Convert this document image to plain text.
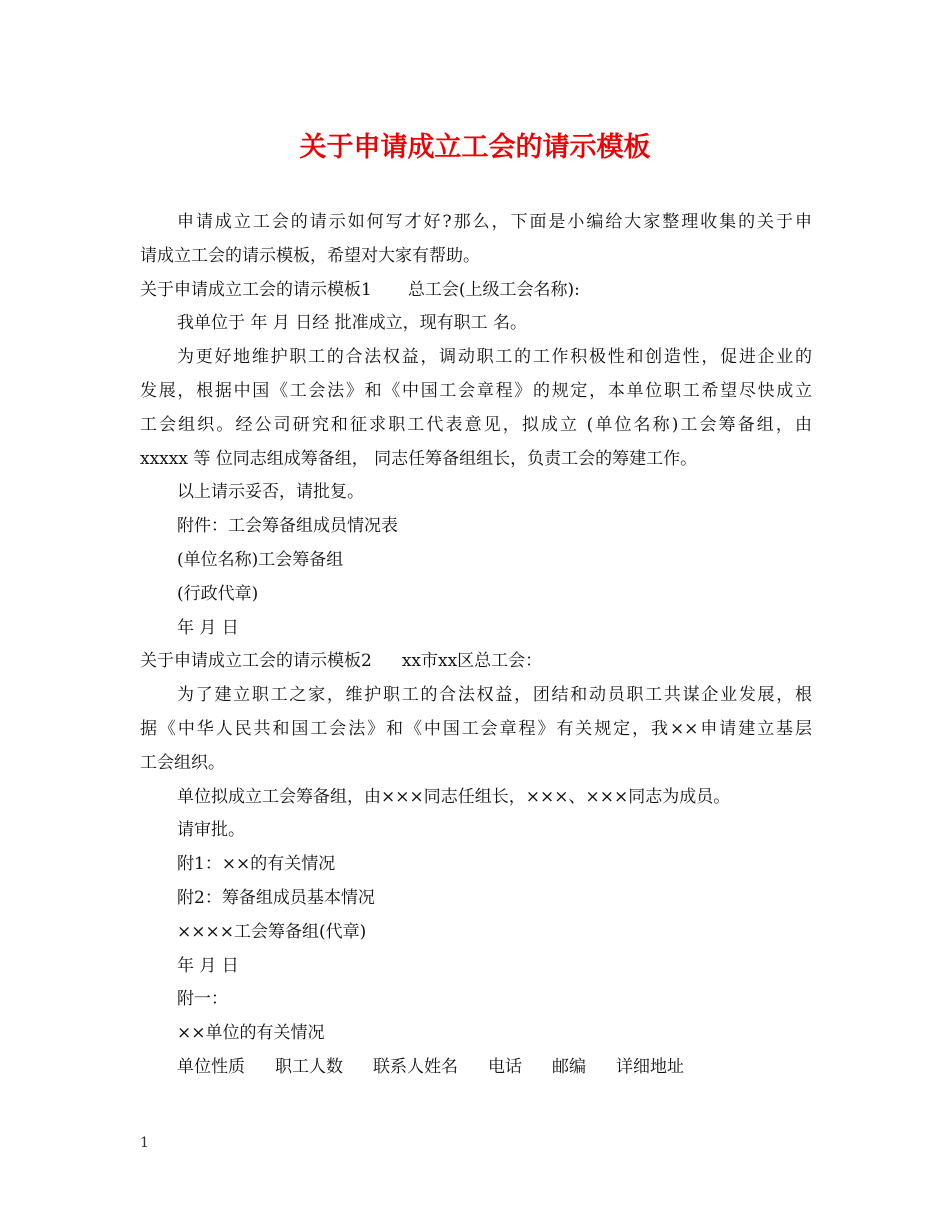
关于申请成立工会的请示模板
申请成立工会的请示如何写才好?那么，下面是小编给大家整理收集的关于申
请成立工会的请示模板，希望对大家有帮助。
关于申请成立工会的请示模板1 总工会(上级工会名称):
我单位于 年 月 日经 批准成立，现有职工 名。
为更好地维护职工的合法权益，调动职工的工作积极性和创造性，促进企业的
发展，根据中国《工会法》和《中国工会章程》的规定，本单位职工希望尽快成立
工会组织。经公司研究和征求职工代表意见，拟成立 (单位名称)工会筹备组，由
xxxxx 等 位同志组成筹备组， 同志任筹备组组长，负责工会的筹建工作。
以上请示妥否，请批复。
附件：工会筹备组成员情况表
(单位名称)工会筹备组
(行政代章)
年 月 日
关于申请成立工会的请示模板2 xx市xx区总工会：
为了建立职工之家，维护职工的合法权益，团结和动员职工共谋企业发展，根
据《中华人民共和国工会法》和《中国工会章程》有关规定，我××申请建立基层
工会组织。
单位拟成立工会筹备组，由×××同志任组长，×××、×××同志为成员。
请审批。
附1：××的有关情况
附2：筹备组成员基本情况
××××工会筹备组(代章)
年 月 日
附一：
××单位的有关情况
单位性质 职工人数 联系人姓名 电话 邮编 详细地址
1
